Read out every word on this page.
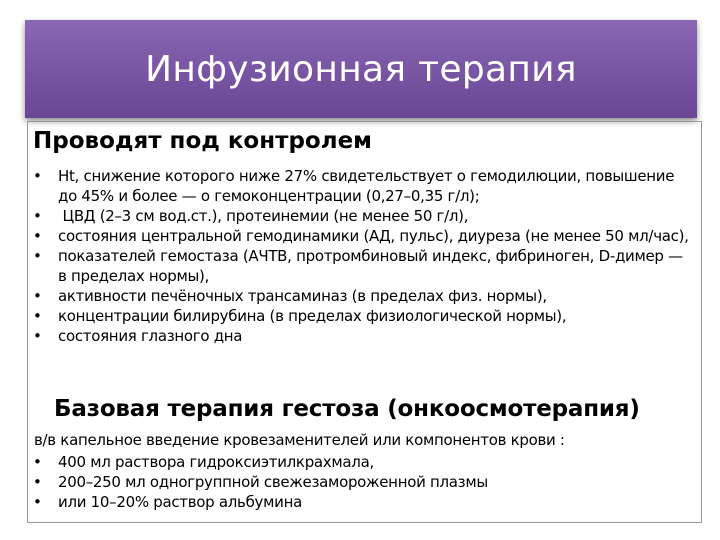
Инфузионная терапия
Проводят под контролем
• Ht, снижение которого ниже 27% свидетельствует о гемодилюции, повышение до 45% и более — о гемоконцентрации (0,27–0,35 г/л);
• ЦВД (2–3 см вод.ст.), протеинемии (не менее 50 г/л),
• состояния центральной гемодинамики (АД, пульс), диуреза (не менее 50 мл/час),
• показателей гемостаза (АЧТВ, протромбиновый индекс, фибриноген, D-димер — в пределах нормы),
• активности печёночных трансаминаз (в пределах физ. нормы),
• концентрации билирубина (в пределах физиологической нормы),
• состояния глазного дна
Базовая терапия гестоза (онкоосмотерапия)
в/в капельное введение кровезаменителей или компонентов крови :
• 400 мл раствора гидроксиэтилкрахмала,
• 200–250 мл одногруппной свежезамороженной плазмы
• или 10–20% раствор альбумина
